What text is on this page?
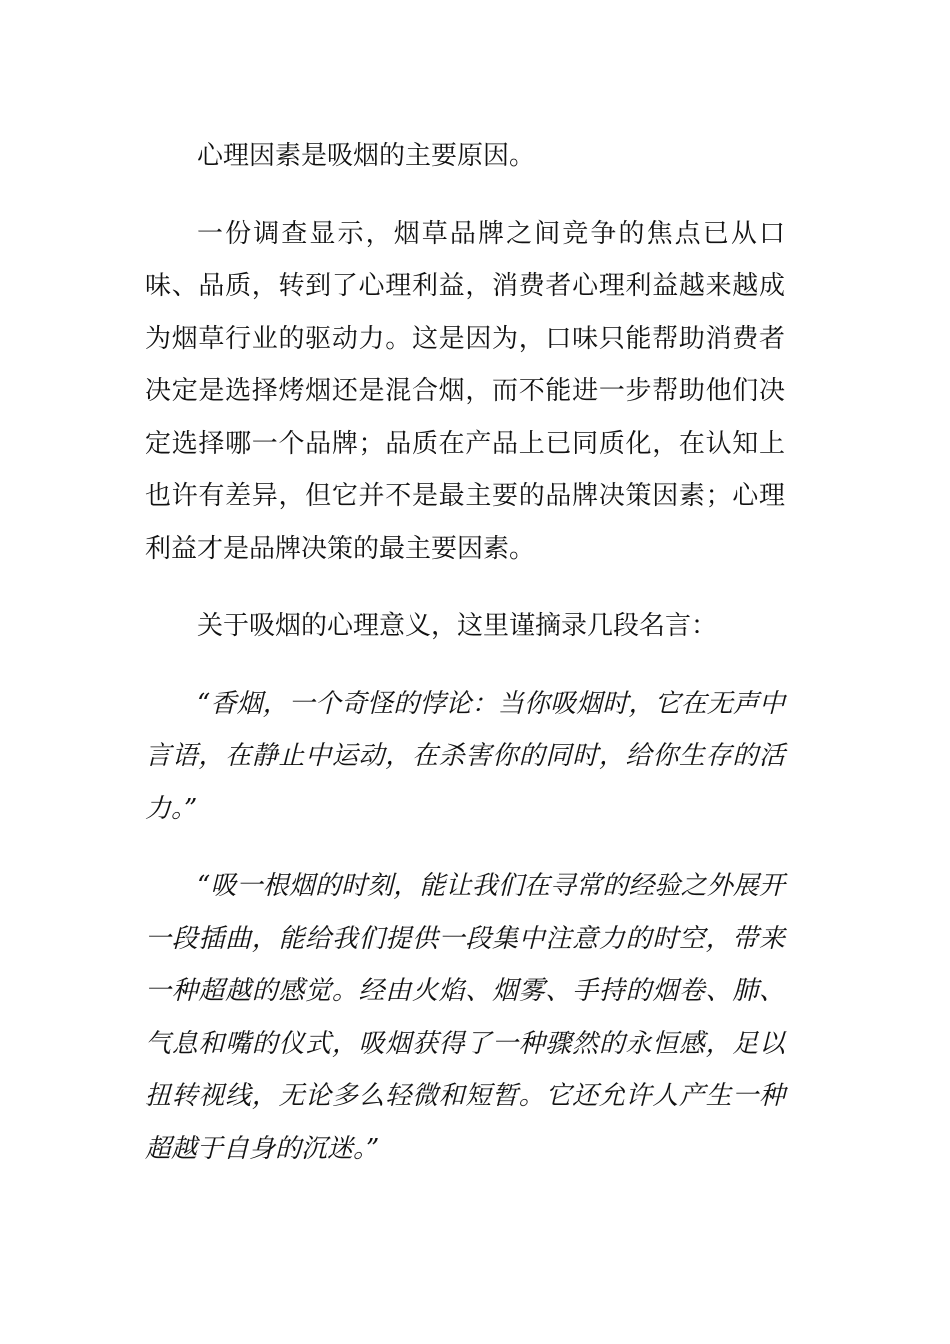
心理因素是吸烟的主要原因。

一份调查显示，烟草品牌之间竞争的焦点已从口味、品质，转到了心理利益，消费者心理利益越来越成为烟草行业的驱动力。这是因为，口味只能帮助消费者决定是选择烤烟还是混合烟，而不能进一步帮助他们决定选择哪一个品牌；品质在产品上已同质化，在认知上也许有差异，但它并不是最主要的品牌决策因素；心理利益才是品牌决策的最主要因素。

关于吸烟的心理意义，这里谨摘录几段名言：

“香烟，一个奇怪的悖论：当你吸烟时，它在无声中言语，在静止中运动，在杀害你的同时，给你生存的活力。”

“吸一根烟的时刻，能让我们在寻常的经验之外展开一段插曲，能给我们提供一段集中注意力的时空，带来一种超越的感觉。经由火焰、烟雾、手持的烟卷、肺、气息和嘴的仪式，吸烟获得了一种骤然的永恒感，足以扭转视线，无论多么轻微和短暂。它还允许人产生一种超越于自身的沉迷。”
